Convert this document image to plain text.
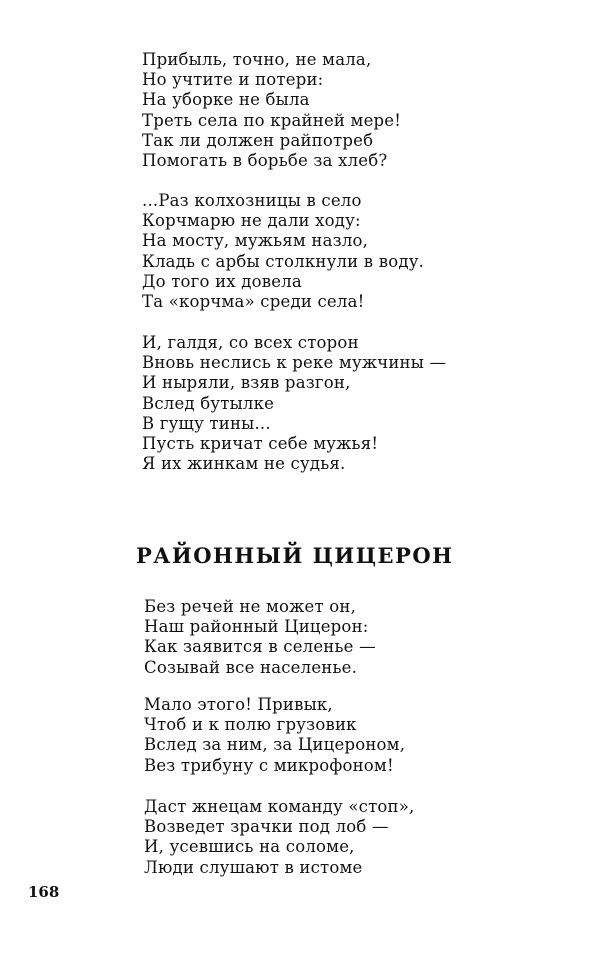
Прибыль, точно, не мала,
Но учтите и потери:
На уборке не была
Треть села по крайней мере!
Так ли должен райпотреб
Помогать в борьбе за хлеб?
...Раз колхозницы в село
Корчмарю не дали ходу:
На мосту, мужьям назло,
Кладь с арбы столкнули в воду.
До того их довела
Та «корчма» среди села!
И, галдя, со всех сторон
Вновь неслись к реке мужчины —
И ныряли, взяв разгон,
Вслед бутылке
В гущу тины...
Пусть кричат себе мужья!
Я их жинкам не судья.
РАЙОННЫЙ ЦИЦЕРОН
Без речей не может он,
Наш районный Цицерон:
Как заявится в селенье —
Созывай все населенье.
Мало этого! Привык,
Чтоб и к полю грузовик
Вслед за ним, за Цицероном,
Вез трибуну с микрофоном!
Даст жнецам команду «стоп»,
Возведет зрачки под лоб —
И, усевшись на соломе,
Люди слушают в истоме
168
